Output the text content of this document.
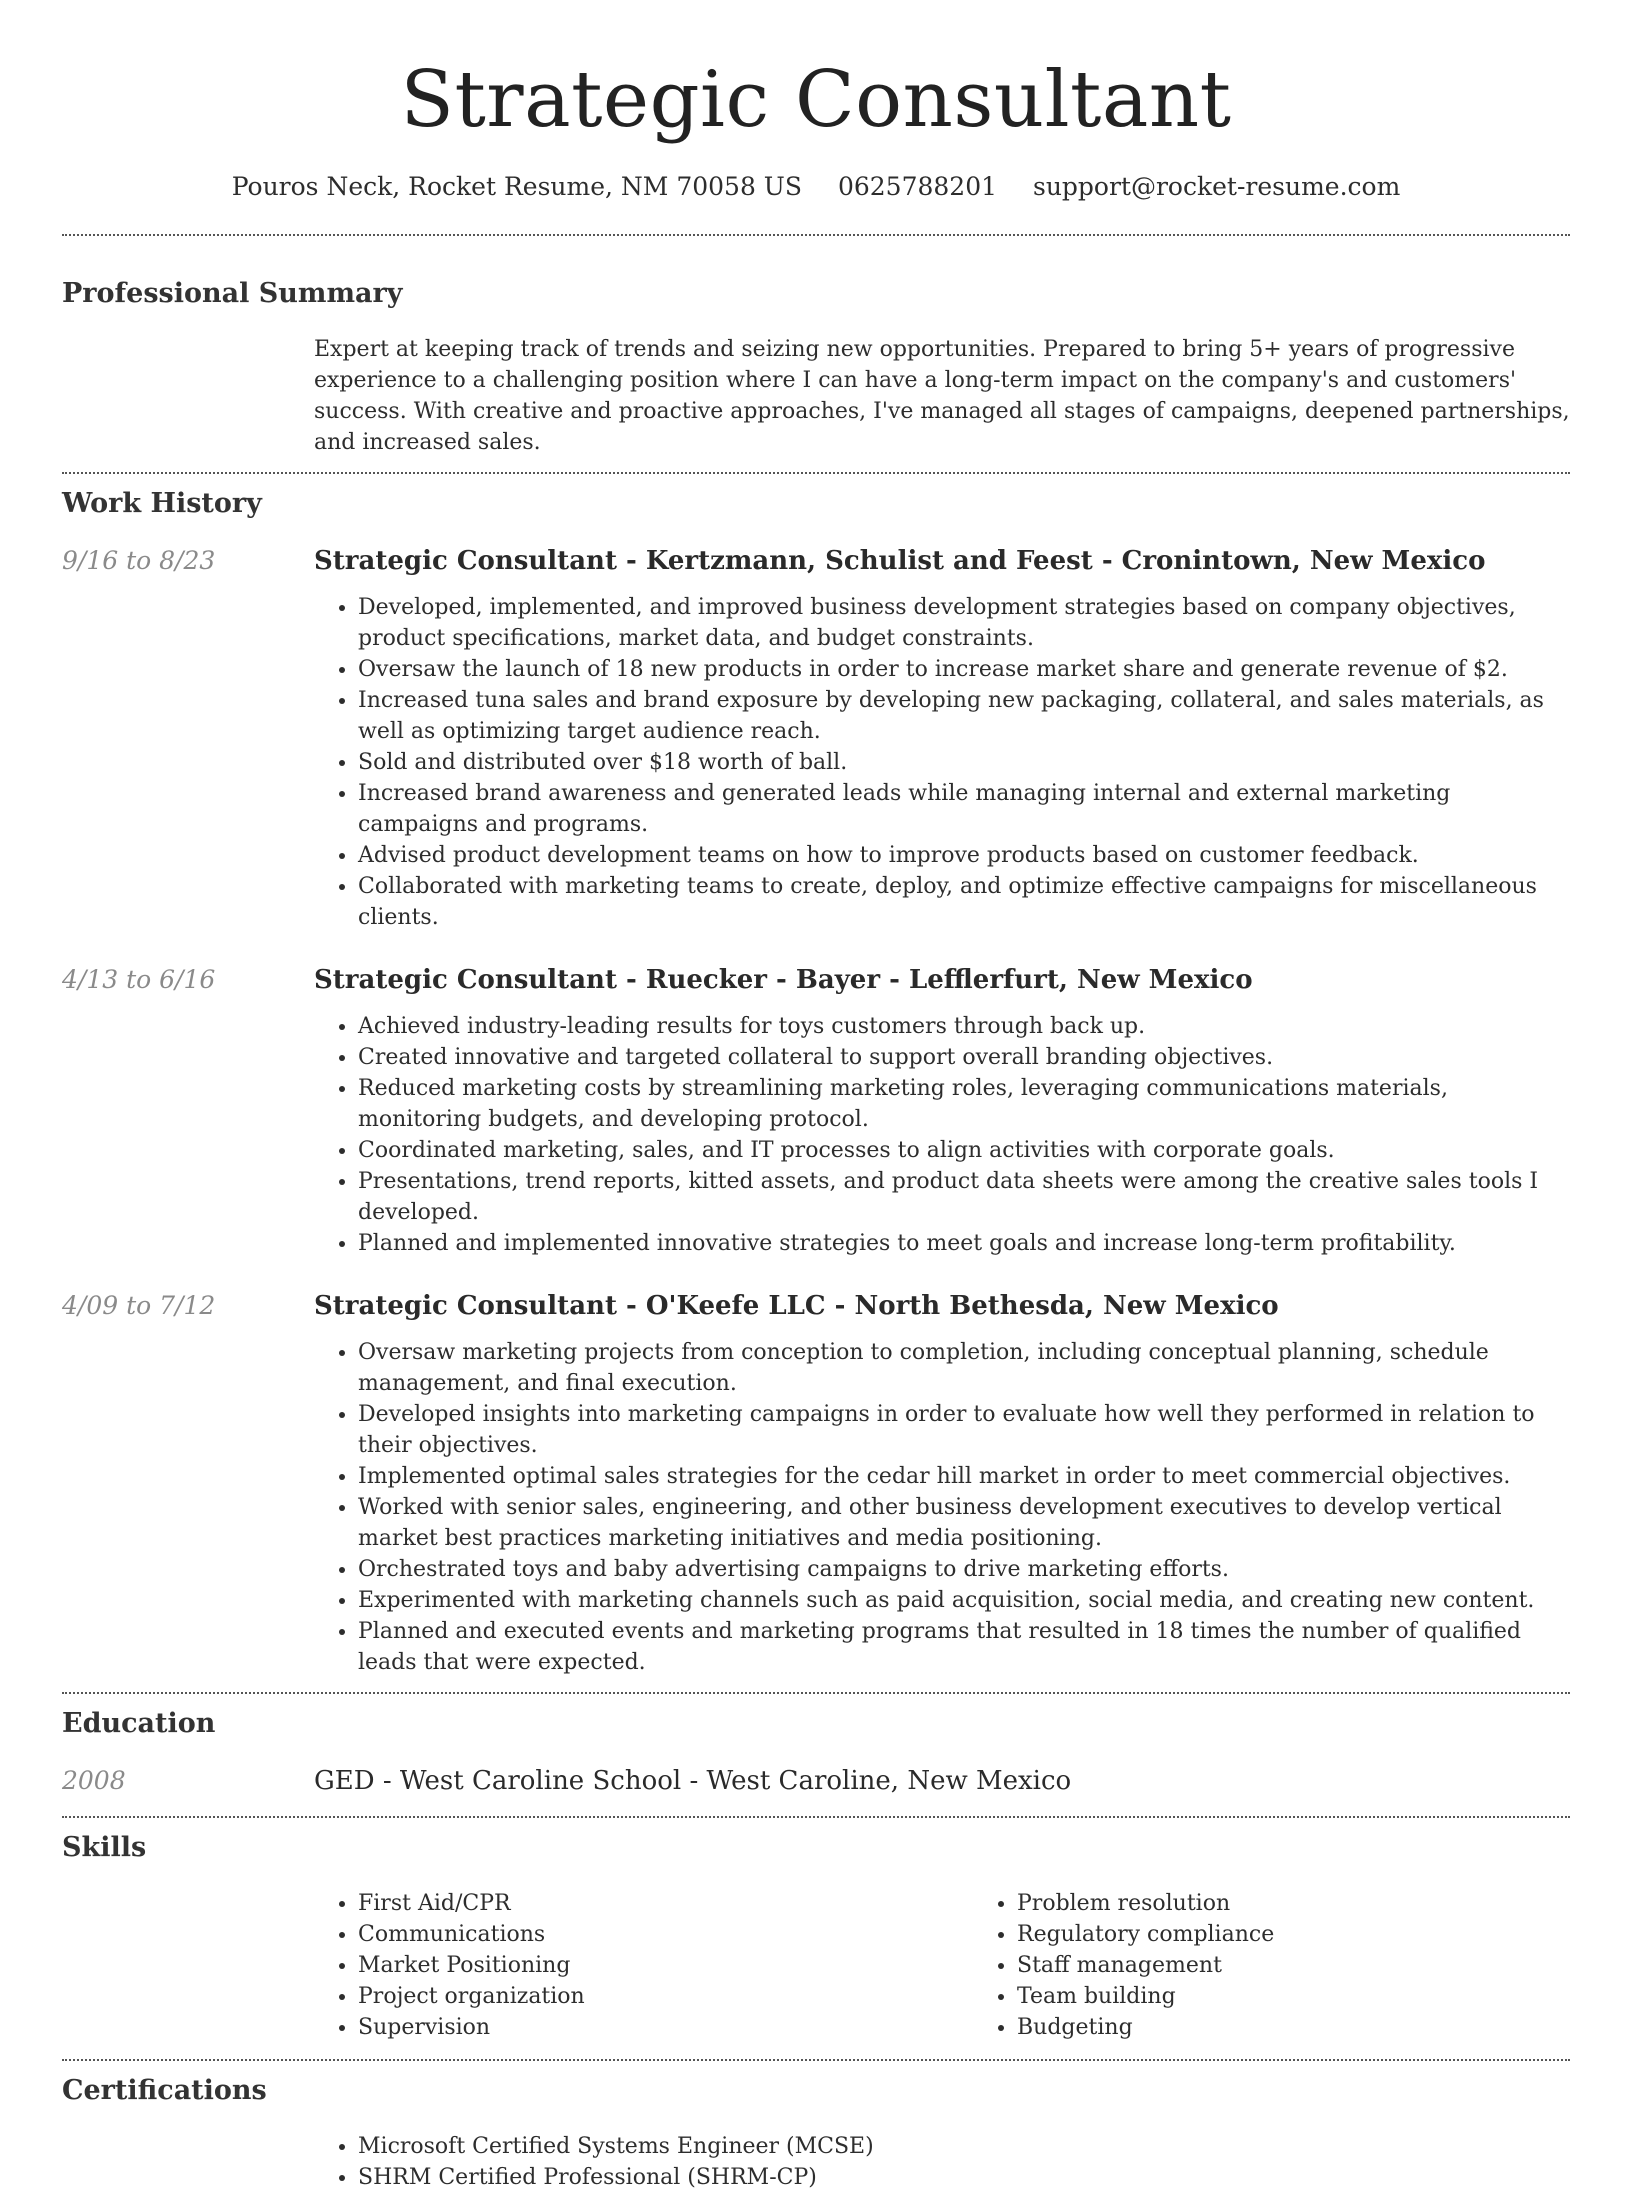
Strategic Consultant
Pouros Neck, Rocket Resume, NM 70058 US 0625788201 support@rocket-resume.com
Professional Summary

Expert at keeping track of trends and seizing new opportunities. Prepared to bring 5+ years of progressive experience to a challenging position where I can have a long-term impact on the company's and customers' success. With creative and proactive approaches, I've managed all stages of campaigns, deepened partnerships, and increased sales.

Work History
9/16 to 8/23	Strategic Consultant - Kertzmann, Schulist and Feest - Cronintown, New Mexico
• Developed, implemented, and improved business development strategies based on company objectives, product specifications, market data, and budget constraints.
• Oversaw the launch of 18 new products in order to increase market share and generate revenue of $2.
• Increased tuna sales and brand exposure by developing new packaging, collateral, and sales materials, as well as optimizing target audience reach.
• Sold and distributed over $18 worth of ball.
• Increased brand awareness and generated leads while managing internal and external marketing campaigns and programs.
• Advised product development teams on how to improve products based on customer feedback.
• Collaborated with marketing teams to create, deploy, and optimize effective campaigns for miscellaneous clients.
4/13 to 6/16	Strategic Consultant - Ruecker - Bayer - Lefflerfurt, New Mexico
• Achieved industry-leading results for toys customers through back up.
• Created innovative and targeted collateral to support overall branding objectives.
• Reduced marketing costs by streamlining marketing roles, leveraging communications materials, monitoring budgets, and developing protocol.
• Coordinated marketing, sales, and IT processes to align activities with corporate goals.
• Presentations, trend reports, kitted assets, and product data sheets were among the creative sales tools I developed.
• Planned and implemented innovative strategies to meet goals and increase long-term profitability.
4/09 to 7/12	Strategic Consultant - O'Keefe LLC - North Bethesda, New Mexico
• Oversaw marketing projects from conception to completion, including conceptual planning, schedule management, and final execution.
• Developed insights into marketing campaigns in order to evaluate how well they performed in relation to their objectives.
• Implemented optimal sales strategies for the cedar hill market in order to meet commercial objectives.
• Worked with senior sales, engineering, and other business development executives to develop vertical market best practices marketing initiatives and media positioning.
• Orchestrated toys and baby advertising campaigns to drive marketing efforts.
• Experimented with marketing channels such as paid acquisition, social media, and creating new content.
• Planned and executed events and marketing programs that resulted in 18 times the number of qualified leads that were expected.
Education
2008	GED - West Caroline School - West Caroline, New Mexico
Skills
• First Aid/CPR
• Communications
• Market Positioning
• Project organization
• Supervision
• Problem resolution
• Regulatory compliance
• Staff management
• Team building
• Budgeting
Certifications
• Microsoft Certified Systems Engineer (MCSE)
• SHRM Certified Professional (SHRM-CP)
